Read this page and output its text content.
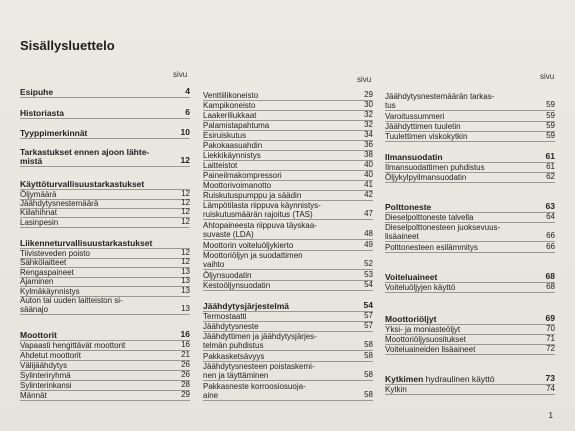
Sisällysluettelo
sivu
sivu	sivu
Esipuhe	4
Historiasta	6
Tyyppimerkinnät	10
Tarkastukset ennen ajoon lähte-
mistä	12
Käyttöturvallisuustarkastukset
Öljymäärä	12
Jäähdytysnestemäärä	12
Kiilahihnat	12
Lasinpesin	12
Liikenneturvallisuustarkastukset
Tiivisteveden poisto	12
Sähkölaitteet	12
Rengaspaineet	13
Ajaminen	13
Kylmäkäynnistys	13
Auton tai uuden laitteiston si-
säänajo	13
Moottorit	16
Vapaasti hengittävät moottorit	16
Ahdetut moottorit	21
Välijäähdytys	26
Sylinteriryhmä	26
Sylinterinkansi	28
Männät	29
Venttiilikoneisto	29
Kampikoneisto	30
Laakeriliukkaat	32
Palamistapahtuma	32
Esiruiskutus	34
Pakokaasuahdin	36
Liekkikäynnistys	38
Laitteistot	40
Paineilmakompressori	40
Moottorivoimanotto	41
Ruiskutuspumppu ja säädin	42
Lämpötilasta riippuva käynnistys-
ruiskutusmäärän rajoitus (TAS)	47
Ahtopaineesta riippuva täyskaa-
suvaste (LDA)	48
Moottorin voiteluöljykierto	49
Moottoriöljyn ja suodattimen
vaihto	52
Öljynsuodatin	53
Kestoöljynsuodatin	54
Jäähdytysjärjestelmä	54
Termostaatti	57
Jäähdytysneste	57
Jäähdyttimen ja jäähdytysjärjes-
telmän puhdistus	58
Pakkasketsävyys	58
Jäähdytysnesteen poistaskemi-
nen ja täyttäminen	58
Pakkasneste korroosiosuoja-
aine	58
Jäähdytysnestemäärän tarkas-
tus	59
Varoitussummeri	59
Jäähdyttimen tuuletin	59
Tuulettimen viskokytkin	59
Ilmansuodatin	61
Ilmansuodattimen puhdistus	61
Öljykylpyilmansuodatin	62
Polttoneste	63
Dieselpolttoneste talvella	64
Dieselpolttonesteen juoksevuus-
lisäaineet	66
Polttonesteen esilämmitys	66
Voiteluaineet	68
Voiteluöljyjen käyttö	68
Moottoriöljyt	69
Yksi- ja moniasteöljyt	70
Moottoriöljysuositukset	71
Voiteluaineiden lisäaineet	72
Kytkimen hydraulinen käyttö	73
Kytkin	74
1
